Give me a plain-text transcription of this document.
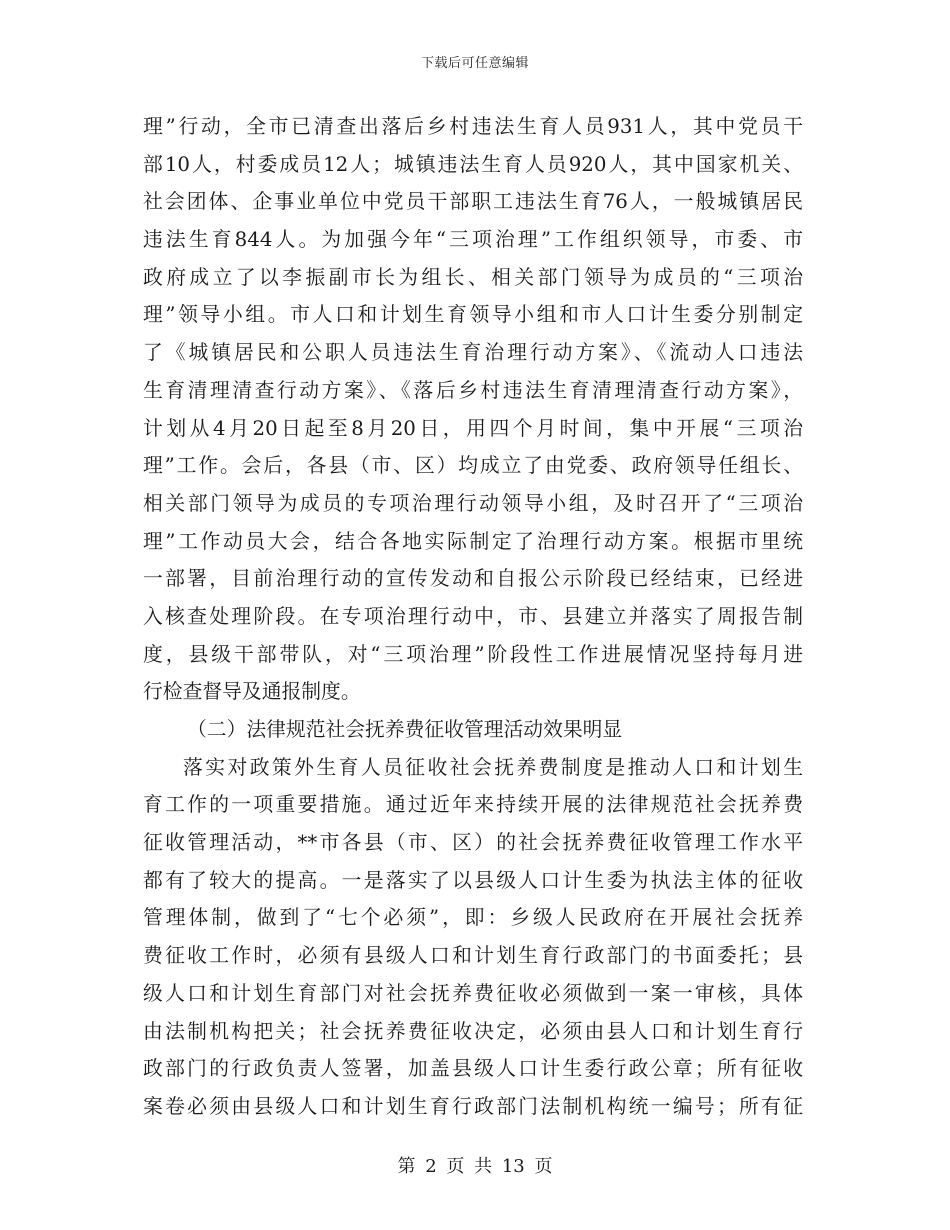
下载后可任意编辑
理”行动，全市已清查出落后乡村违法生育人员931人，其中党员干
部10人，村委成员12人；城镇违法生育人员920人，其中国家机关、
社会团体、企事业单位中党员干部职工违法生育76人，一般城镇居民
违法生育844人。为加强今年“三项治理”工作组织领导，市委、市
政府成立了以李振副市长为组长、相关部门领导为成员的“三项治
理”领导小组。市人口和计划生育领导小组和市人口计生委分别制定
了《城镇居民和公职人员违法生育治理行动方案》、《流动人口违法
生育清理清查行动方案》、《落后乡村违法生育清理清查行动方案》，
计划从4月20日起至8月20日，用四个月时间，集中开展“三项治
理”工作。会后，各县（市、区）均成立了由党委、政府领导任组长、
相关部门领导为成员的专项治理行动领导小组，及时召开了“三项治
理”工作动员大会，结合各地实际制定了治理行动方案。根据市里统
一部署，目前治理行动的宣传发动和自报公示阶段已经结束，已经进
入核查处理阶段。在专项治理行动中，市、县建立并落实了周报告制
度，县级干部带队，对“三项治理”阶段性工作进展情况坚持每月进
行检查督导及通报制度。
（二）法律规范社会抚养费征收管理活动效果明显
落实对政策外生育人员征收社会抚养费制度是推动人口和计划生
育工作的一项重要措施。通过近年来持续开展的法律规范社会抚养费
征收管理活动，**市各县（市、区）的社会抚养费征收管理工作水平
都有了较大的提高。一是落实了以县级人口计生委为执法主体的征收
管理体制，做到了“七个必须”，即：乡级人民政府在开展社会抚养
费征收工作时，必须有县级人口和计划生育行政部门的书面委托；县
级人口和计划生育部门对社会抚养费征收必须做到一案一审核，具体
由法制机构把关；社会抚养费征收决定，必须由县人口和计划生育行
政部门的行政负责人签署，加盖县级人口计生委行政公章；所有征收
案卷必须由县级人口和计划生育行政部门法制机构统一编号；所有征
第 2 页 共 13 页
